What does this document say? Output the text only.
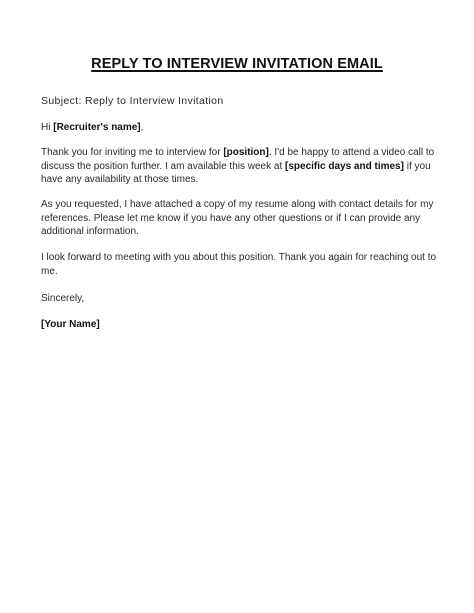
REPLY TO INTERVIEW INVITATION EMAIL
Subject: Reply to Interview Invitation

Hi [Recruiter's name],

Thank you for inviting me to interview for [position]. I'd be happy to attend a video call to discuss the position further. I am available this week at [specific days and times] if you have any availability at those times.

As you requested, I have attached a copy of my resume along with contact details for my references. Please let me know if you have any other questions or if I can provide any additional information.

I look forward to meeting with you about this position. Thank you again for reaching out to me.

Sincerely,

[Your Name]
